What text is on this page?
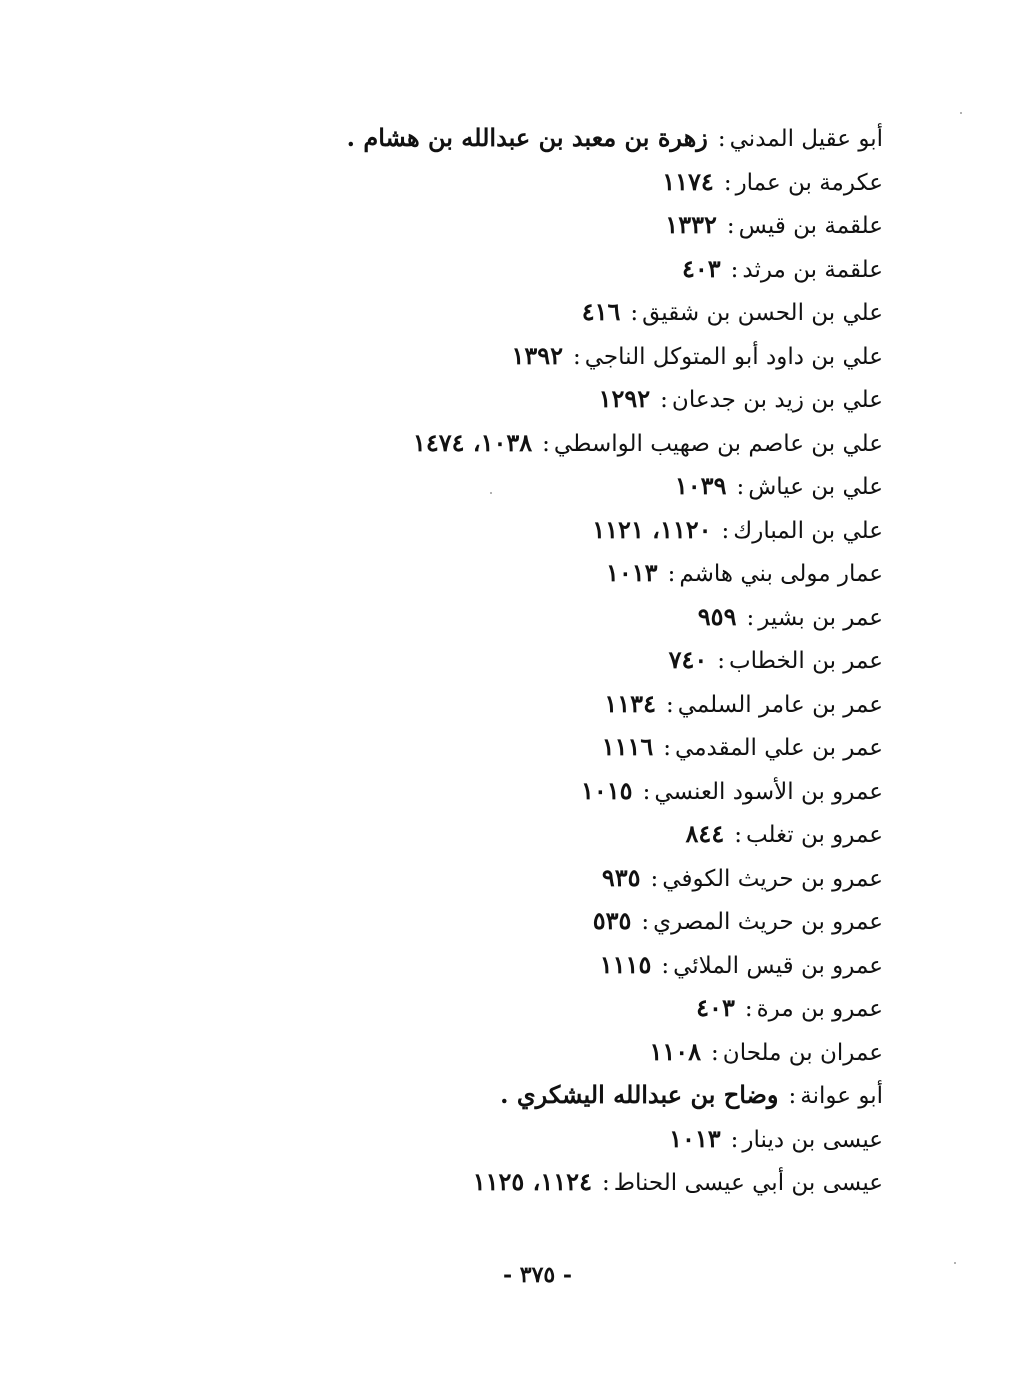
أبو عقيل المدني:زهرة بن معبد بن عبدالله بن هشام .
عكرمة بن عمار:١١٧٤
علقمة بن قيس:١٣٣٢
علقمة بن مرثد:٤٠٣
علي بن الحسن بن شقيق:٤١٦
علي بن داود أبو المتوكل الناجي:١٣٩٢
علي بن زيد بن جدعان:١٢٩٢
علي بن عاصم بن صهيب الواسطي:١٠٣٨، ١٤٧٤
علي بن عياش:١٠٣٩
علي بن المبارك:١١٢٠، ١١٢١
عمار مولى بني هاشم:١٠١٣
عمر بن بشير:٩٥٩
عمر بن الخطاب:٧٤٠
عمر بن عامر السلمي:١١٣٤
عمر بن علي المقدمي:١١١٦
عمرو بن الأسود العنسي:١٠١٥
عمرو بن تغلب:٨٤٤
عمرو بن حريث الكوفي:٩٣٥
عمرو بن حريث المصري:٥٣٥
عمرو بن قيس الملائي:١١١٥
عمرو بن مرة:٤٠٣
عمران بن ملحان:١١٠٨
أبو عوانة:وضاح بن عبدالله اليشكري .
عيسى بن دينار:١٠١٣
عيسى بن أبي عيسى الحناط:١١٢٤، ١١٢٥
- ٣٧٥ -
